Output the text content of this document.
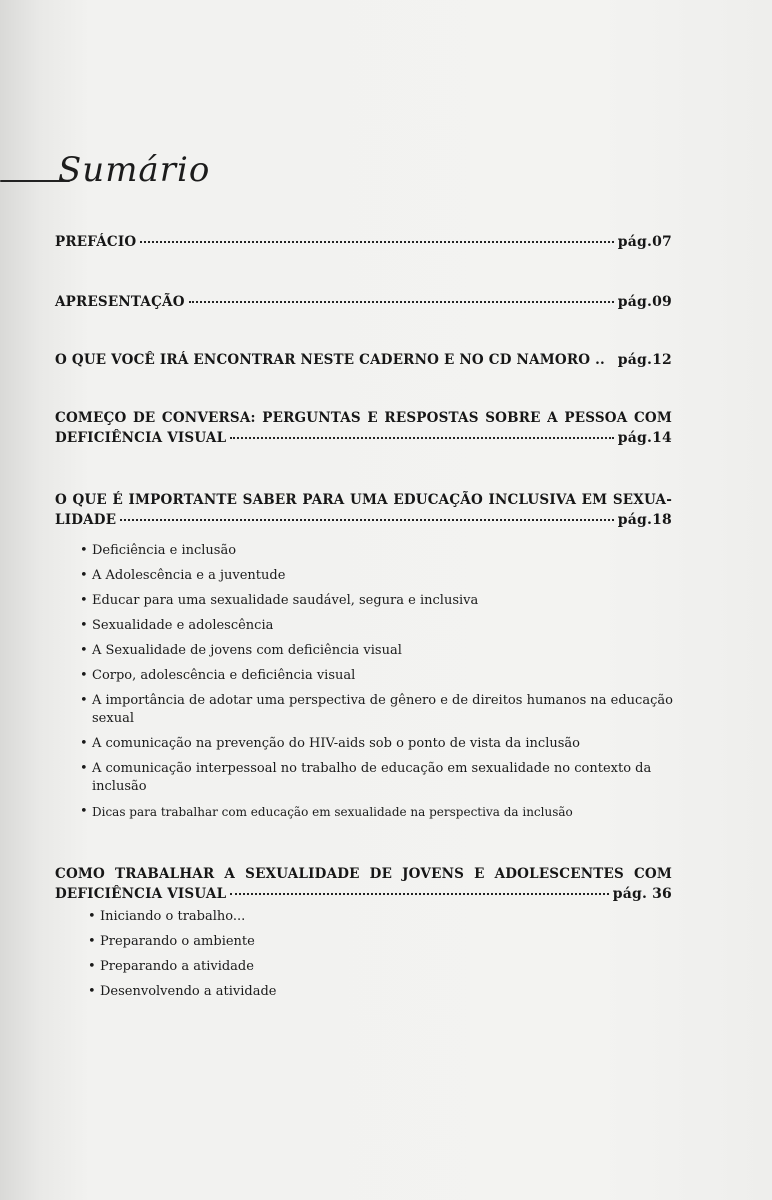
Sumário
PREFÁCIO	pág.07
APRESENTAÇÃO	pág.09
O QUE VOCÊ IRÁ ENCONTRAR NESTE CADERNO E NO CD NAMORO .. pág.12
COMEÇO DE CONVERSA: PERGUNTAS E RESPOSTAS SOBRE A PESSOA COM
DEFICIÊNCIA VISUAL	pág.14
O QUE É IMPORTANTE SABER PARA UMA EDUCAÇÃO INCLUSIVA EM SEXUA-
LIDADE	pág.18
• Deficiência e inclusão
• A Adolescência e a juventude
• Educar para uma sexualidade saudável, segura e inclusiva
• Sexualidade e adolescência
• A Sexualidade de jovens com deficiência visual
• Corpo, adolescência e deficiência visual
• A importância de adotar uma perspectiva de gênero e de direitos humanos na educação sexual
• A comunicação na prevenção do HIV-aids sob o ponto de vista da inclusão
• A comunicação interpessoal no trabalho de educação em sexualidade no contexto da inclusão
• Dicas para trabalhar com educação em sexualidade na perspectiva da inclusão
COMO TRABALHAR A SEXUALIDADE DE JOVENS E ADOLESCENTES COM
DEFICIÊNCIA VISUAL	pág. 36
• Iniciando o trabalho...
• Preparando o ambiente
• Preparando a atividade
• Desenvolvendo a atividade
